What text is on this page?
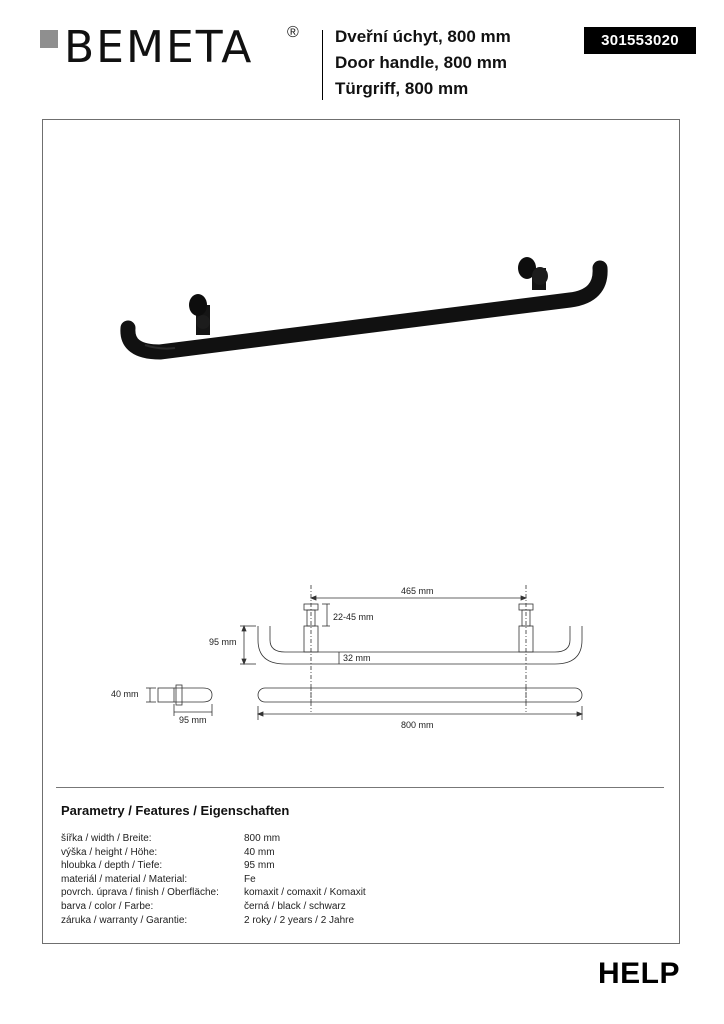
BEMETA ® Dveřní úchyt, 800 mm
Door handle, 800 mm
Türgriff, 800 mm
301553020
465 mm
22-45 mm
95 mm
32 mm
40 mm
95 mm	800 mm
Parametry / Features / Eigenschaften
šířka / width / Breite:	800 mm
výška / height / Höhe:	40 mm
hloubka / depth / Tiefe:	95 mm
materiál / material / Material:	Fe
povrch. úprava / finish / Oberfläche:	komaxit / comaxit / Komaxit
barva / color / Farbe:	černá / black / schwarz
záruka / warranty / Garantie:	2 roky / 2 years / 2 Jahre
HELP
